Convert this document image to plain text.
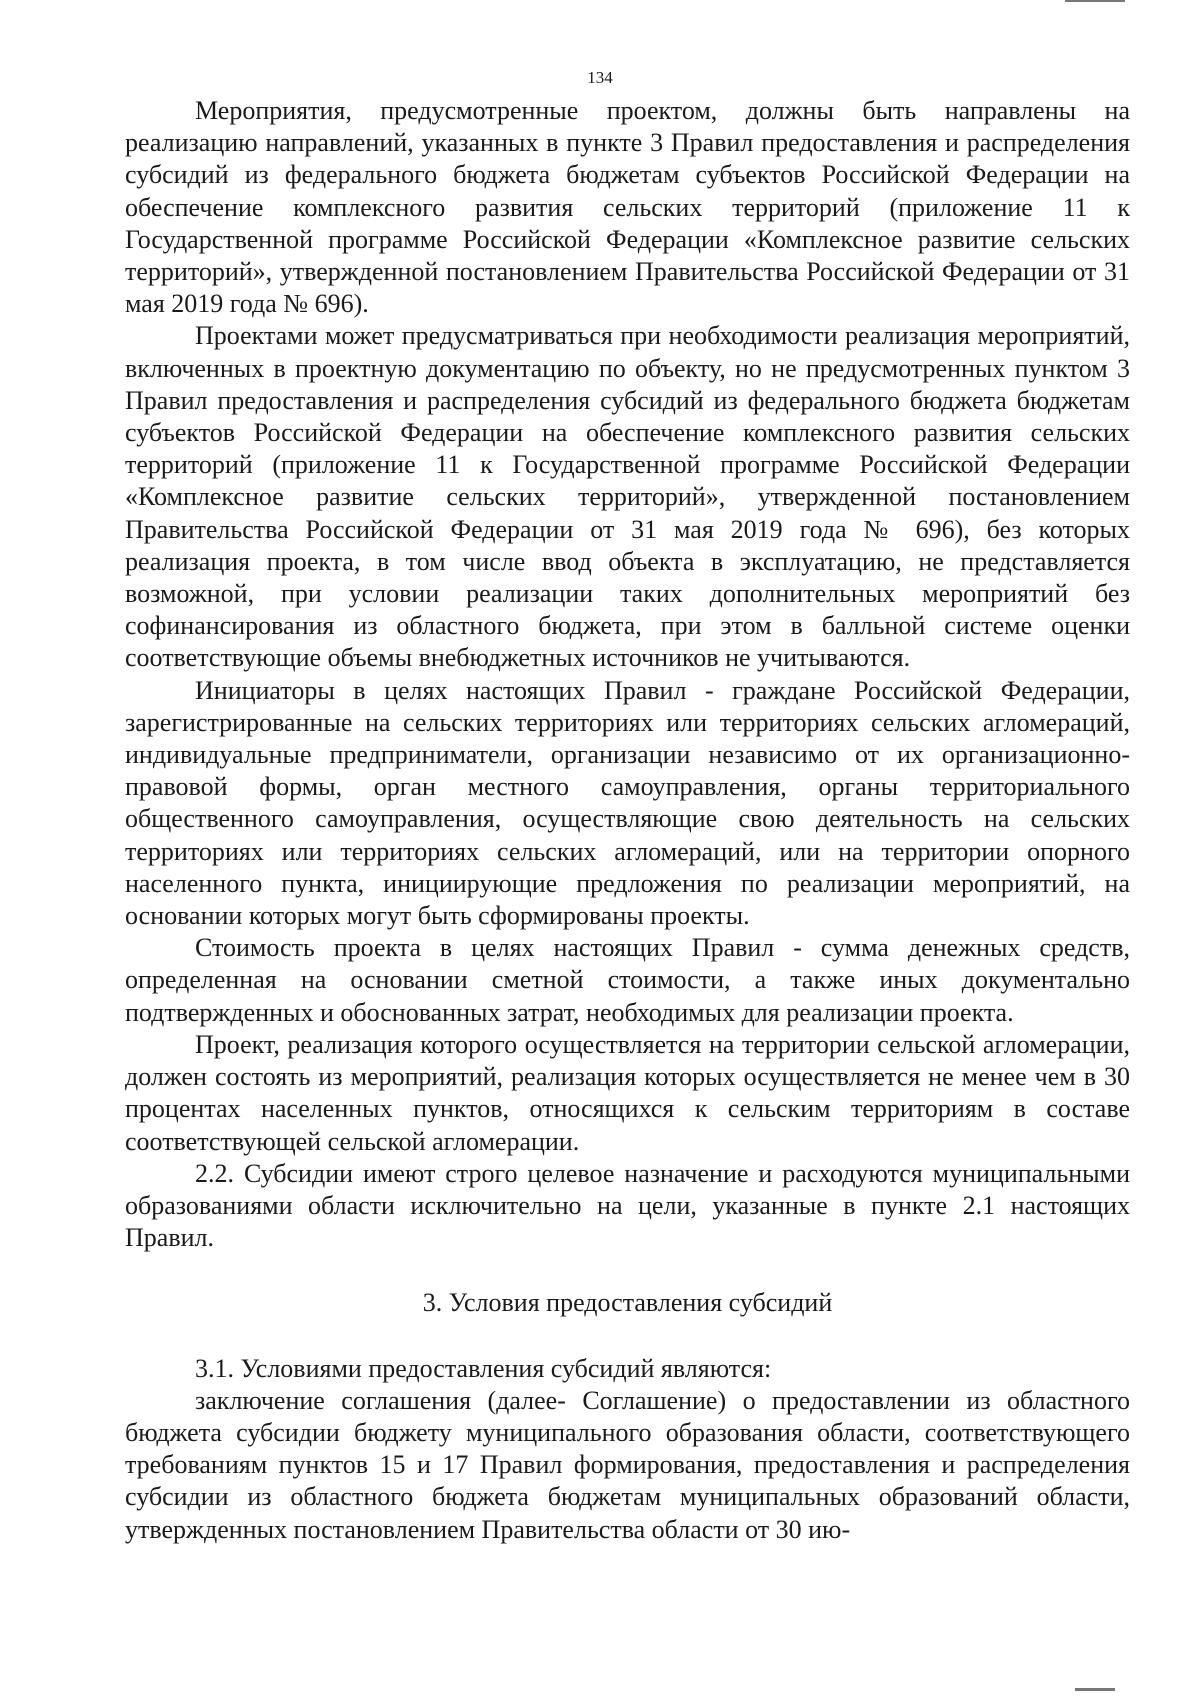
134

Мероприятия, предусмотренные проектом, должны быть направлены на реализацию направлений, указанных в пункте 3 Правил предоставления и распределения субсидий из федерального бюджета бюджетам субъектов Российской Федерации на обеспечение комплексного развития сельских территорий (приложение 11 к Государственной программе Российской Федерации «Комплексное развитие сельских территорий», утвержденной постановлением Правительства Российской Федерации от 31 мая 2019 года № 696).

Проектами может предусматриваться при необходимости реализация мероприятий, включенных в проектную документацию по объекту, но не предусмотренных пунктом 3 Правил предоставления и распределения субсидий из федерального бюджета бюджетам субъектов Российской Федерации на обеспечение комплексного развития сельских территорий (приложение 11 к Государственной программе Российской Федерации «Комплексное развитие сельских территорий», утвержденной постановлением Правительства Российской Федерации от 31 мая 2019 года № 696), без которых реализация проекта, в том числе ввод объекта в эксплуатацию, не представляется возможной, при условии реализации таких дополнительных мероприятий без софинансирования из областного бюджета, при этом в балльной системе оценки соответствующие объемы внебюджетных источников не учитываются.

Инициаторы в целях настоящих Правил - граждане Российской Федерации, зарегистрированные на сельских территориях или территориях сельских агломераций, индивидуальные предприниматели, организации независимо от их организационно-правовой формы, орган местного самоуправления, органы территориального общественного самоуправления, осуществляющие свою деятельность на сельских территориях или территориях сельских агломераций, или на территории опорного населенного пункта, инициирующие предложения по реализации мероприятий, на основании которых могут быть сформированы проекты.

Стоимость проекта в целях настоящих Правил - сумма денежных средств, определенная на основании сметной стоимости, а также иных документально подтвержденных и обоснованных затрат, необходимых для реализации проекта.

Проект, реализация которого осуществляется на территории сельской агломерации, должен состоять из мероприятий, реализация которых осуществляется не менее чем в 30 процентах населенных пунктов, относящихся к сельским территориям в составе соответствующей сельской агломерации.

2.2. Субсидии имеют строго целевое назначение и расходуются муниципальными образованиями области исключительно на цели, указанные в пункте 2.1 настоящих Правил.

3. Условия предоставления субсидий

3.1. Условиями предоставления субсидий являются:

заключение соглашения (далее- Соглашение) о предоставлении из областного бюджета субсидии бюджету муниципального образования области, соответствующего требованиям пунктов 15 и 17 Правил формирования, предоставления и распределения субсидии из областного бюджета бюджетам муниципальных образований области, утвержденных постановлением Правительства области от 30 ию-
